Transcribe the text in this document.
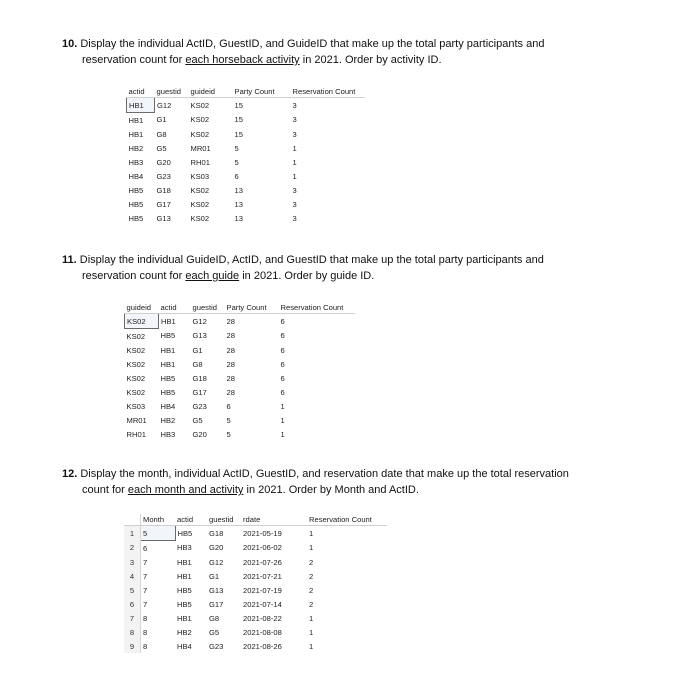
10. Display the individual ActID, GuestID, and GuideID that make up the total party participants and
reservation count for each horseback activity in 2021. Order by activity ID.
actid	guestid	guideid	Party Count	Reservation Count
HB1	G12	KS02	15	3
HB1	G1	KS02	15	3
HB1	G8	KS02	15	3
HB2	G5	MR01	5	1
HB3	G20	RH01	5	1
HB4	G23	KS03	6	1
HB5	G18	KS02	13	3
HB5	G17	KS02	13	3
HB5	G13	KS02	13	3
11. Display the individual GuideID, ActID, and GuestID that make up the total party participants and
reservation count for each guide in 2021. Order by guide ID.
guideid	actid	guestid	Party Count	Reservation Count
KS02	HB1	G12	28	6
KS02	HB5	G13	28	6
KS02	HB1	G1	28	6
KS02	HB1	G8	28	6
KS02	HB5	G18	28	6
KS02	HB5	G17	28	6
KS03	HB4	G23	6	1
MR01	HB2	G5	5	1
RH01	HB3	G20	5	1
12. Display the month, individual ActID, GuestID, and reservation date that make up the total reservation
count for each month and activity in 2021. Order by Month and ActID.
	Month	actid	guestid	rdate	Reservation Count
1	5	HB5	G18	2021-05-19	1
2	6	HB3	G20	2021-06-02	1
3	7	HB1	G12	2021-07-26	2
4	7	HB1	G1	2021-07-21	2
5	7	HB5	G13	2021-07-19	2
6	7	HB5	G17	2021-07-14	2
7	8	HB1	G8	2021-08-22	1
8	8	HB2	G5	2021-08-08	1
9	8	HB4	G23	2021-08-26	1
